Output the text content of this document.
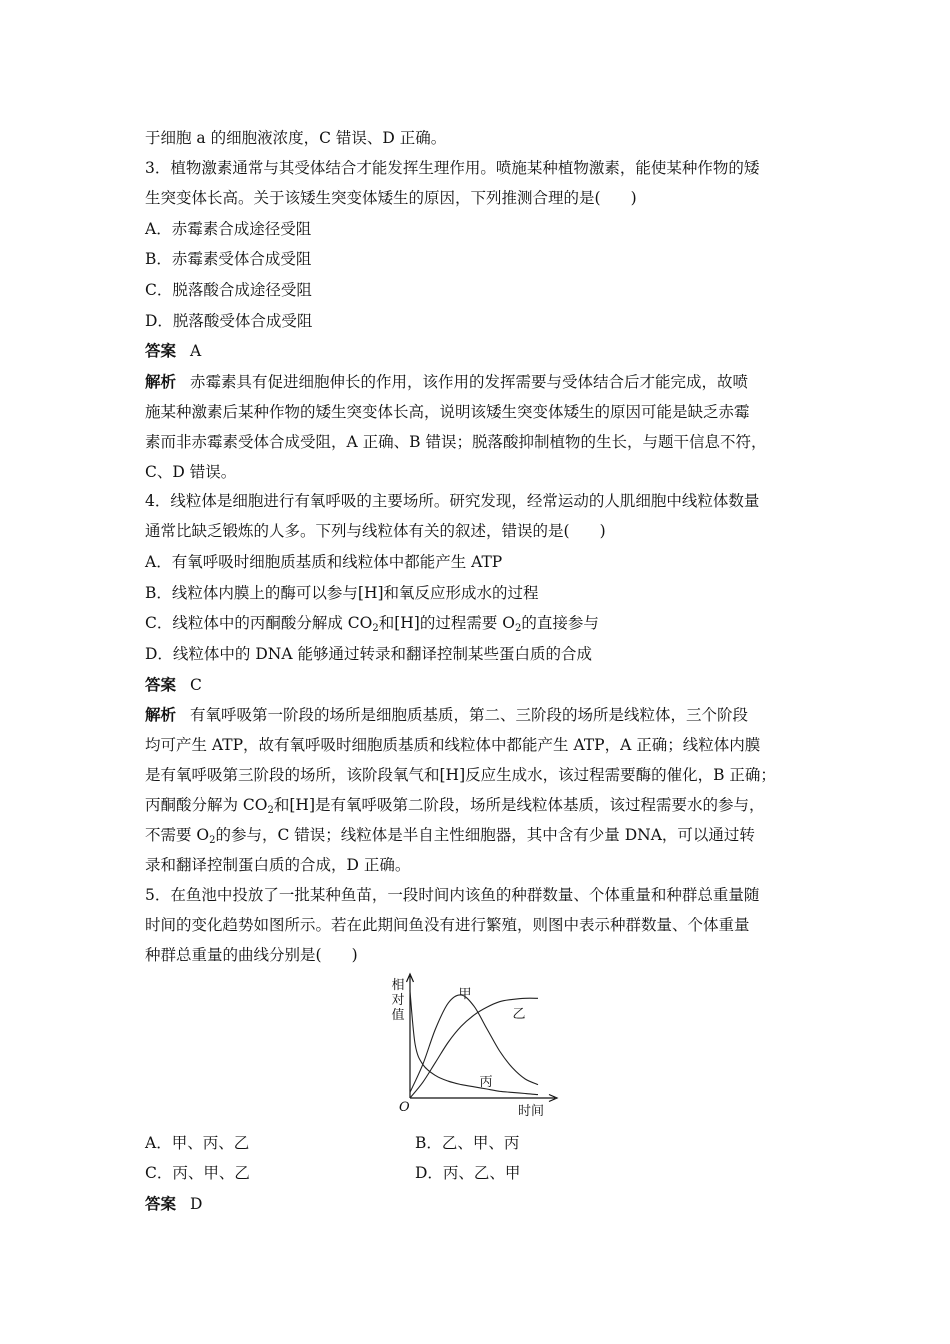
于细胞 a 的细胞液浓度，C 错误、D 正确。
3．植物激素通常与其受体结合才能发挥生理作用。喷施某种植物激素，能使某种作物的矮
生突变体长高。关于该矮生突变体矮生的原因，下列推测合理的是( )
A．赤霉素合成途径受阻
B．赤霉素受体合成受阻
C．脱落酸合成途径受阻
D．脱落酸受体合成受阻
答案 A
解析 赤霉素具有促进细胞伸长的作用，该作用的发挥需要与受体结合后才能完成，故喷
施某种激素后某种作物的矮生突变体长高，说明该矮生突变体矮生的原因可能是缺乏赤霉
素而非赤霉素受体合成受阻，A 正确、B 错误；脱落酸抑制植物的生长，与题干信息不符，
C、D 错误。
4．线粒体是细胞进行有氧呼吸的主要场所。研究发现，经常运动的人肌细胞中线粒体数量
通常比缺乏锻炼的人多。下列与线粒体有关的叙述，错误的是( )
A．有氧呼吸时细胞质基质和线粒体中都能产生 ATP
B．线粒体内膜上的酶可以参与[H]和氧反应形成水的过程
C．线粒体中的丙酮酸分解成 $CO_2$和[H]的过程需要 $O_2$的直接参与
D．线粒体中的 DNA 能够通过转录和翻译控制某些蛋白质的合成
答案 C
解析 有氧呼吸第一阶段的场所是细胞质基质，第二、三阶段的场所是线粒体，三个阶段
均可产生 ATP，故有氧呼吸时细胞质基质和线粒体中都能产生 ATP，A 正确；线粒体内膜
是有氧呼吸第三阶段的场所，该阶段氧气和[H]反应生成水，该过程需要酶的催化，B 正确；
丙酮酸分解为 $CO_2$和[H]是有氧呼吸第二阶段，场所是线粒体基质，该过程需要水的参与，
不需要 $O_2$的参与，C 错误；线粒体是半自主性细胞器，其中含有少量 DNA，可以通过转
录和翻译控制蛋白质的合成，D 正确。
5．在鱼池中投放了一批某种鱼苗，一段时间内该鱼的种群数量、个体重量和种群总重量随
时间的变化趋势如图所示。若在此期间鱼没有进行繁殖，则图中表示种群数量、个体重量
种群总重量的曲线分别是( )
甲
乙
丙
O	时间
相
对
值
A．甲、丙、乙	B．乙、甲、丙
C．丙、甲、乙	D．丙、乙、甲
答案 D
